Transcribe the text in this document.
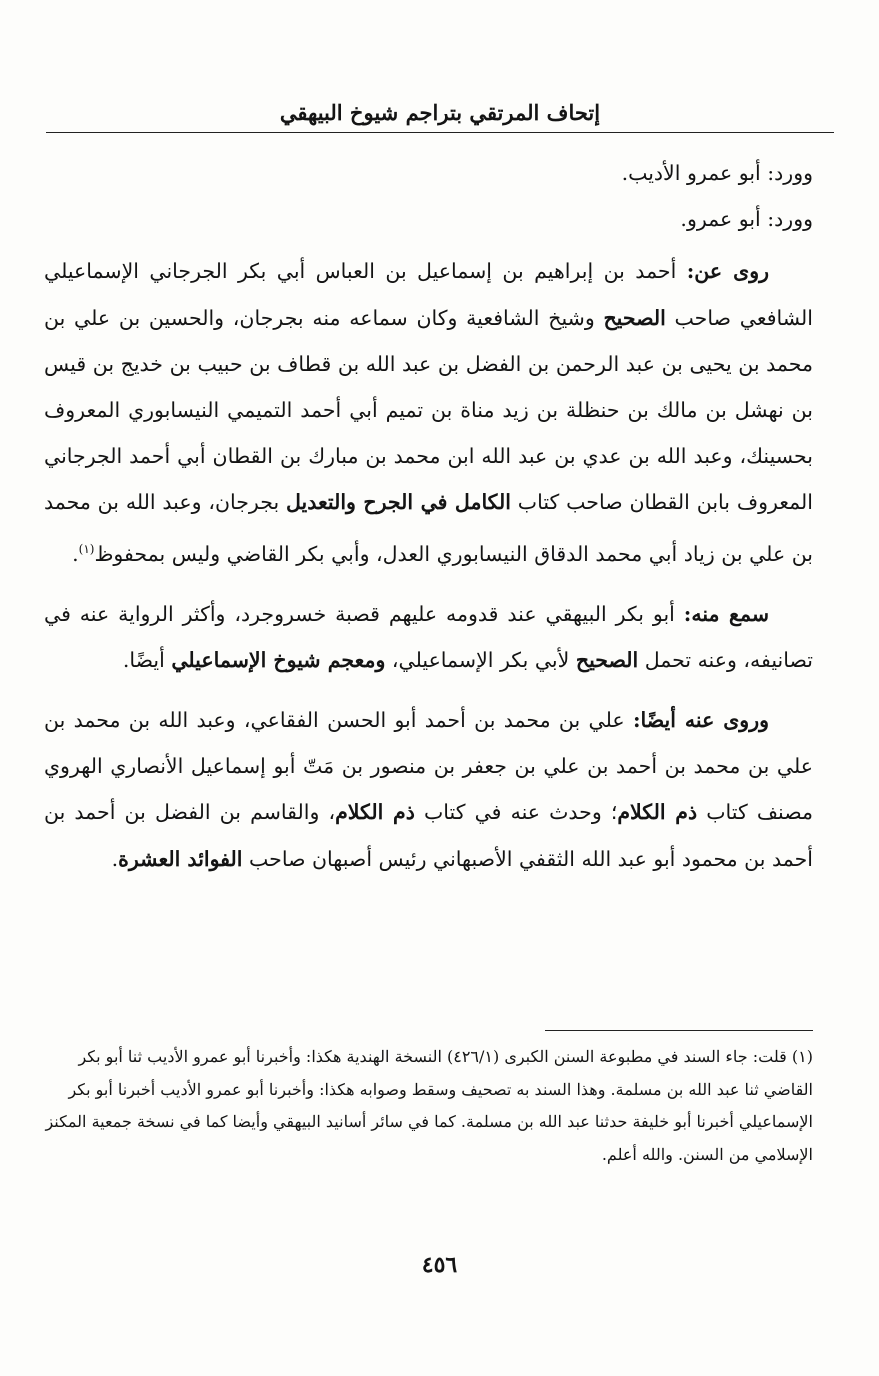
إتحاف المرتقي بتراجم شيوخ البيهقي

وورد: أبو عمرو الأديب.

وورد: أبو عمرو.

روى عن: أحمد بن إبراهيم بن إسماعيل بن العباس أبي بكر الجرجاني الإسماعيلي الشافعي صاحب الصحيح وشيخ الشافعية وكان سماعه منه بجرجان، والحسين بن علي بن محمد بن يحيى بن عبد الرحمن بن الفضل بن عبد الله بن قطاف بن حبيب بن خديج بن قيس بن نهشل بن مالك بن حنظلة بن زيد مناة بن تميم أبي أحمد التميمي النيسابوري المعروف بحسينك، وعبد الله بن عدي بن عبد الله ابن محمد بن مبارك بن القطان أبي أحمد الجرجاني المعروف بابن القطان صاحب كتاب الكامل في الجرح والتعديل بجرجان، وعبد الله بن محمد بن علي بن زياد أبي محمد الدقاق النيسابوري العدل، وأبي بكر القاضي وليس بمحفوظ$^{(١)}$.

سمع منه: أبو بكر البيهقي عند قدومه عليهم قصبة خسروجرد، وأكثر الرواية عنه في تصانيفه، وعنه تحمل الصحيح لأبي بكر الإسماعيلي، ومعجم شيوخ الإسماعيلي أيضًا.

وروى عنه أيضًا: علي بن محمد بن أحمد أبو الحسن الفقاعي، وعبد الله بن محمد بن علي بن محمد بن أحمد بن علي بن جعفر بن منصور بن مَتّ أبو إسماعيل الأنصاري الهروي مصنف كتاب ذم الكلام؛ وحدث عنه في كتاب ذم الكلام، والقاسم بن الفضل بن أحمد بن أحمد بن محمود أبو عبد الله الثقفي الأصبهاني رئيس أصبهان صاحب الفوائد العشرة.

(١) قلت: جاء السند في مطبوعة السنن الكبرى (٤٢٦/١) النسخة الهندية هكذا: وأخبرنا أبو عمرو الأديب ثنا أبو بكر القاضي ثنا عبد الله بن مسلمة. وهذا السند به تصحيف وسقط وصوابه هكذا: وأخبرنا أبو عمرو الأديب أخبرنا أبو بكر الإسماعيلي أخبرنا أبو خليفة حدثنا عبد الله بن مسلمة. كما في سائر أسانيد البيهقي وأيضا كما في نسخة جمعية المكنز الإسلامي من السنن. والله أعلم.

٤٥٦
